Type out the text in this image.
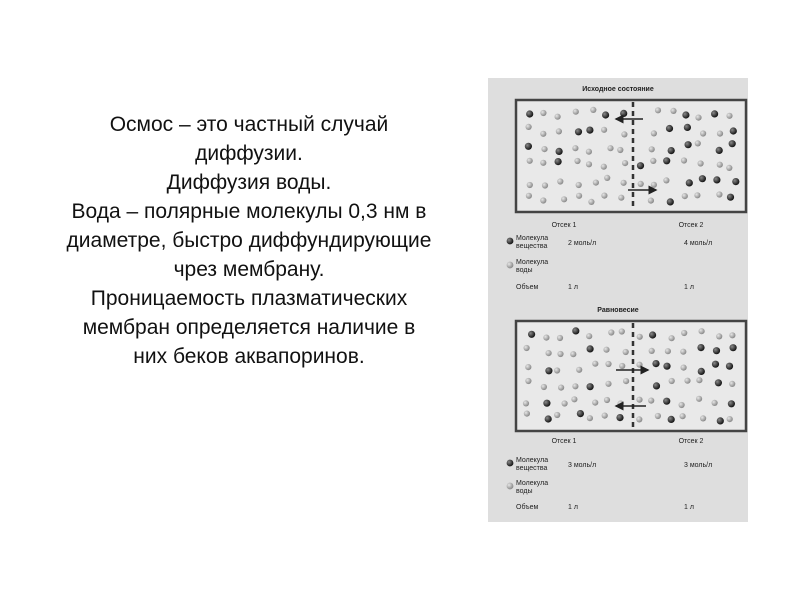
Осмос – это частный случай
диффузии.
Диффузия воды.
Вода – полярные молекулы 0,3 нм в
диаметре, быстро диффундирующие
чрез мембрану.
Проницаемость плазматических
мембран определяется наличие в
них беков аквапоринов.
Исходное состояние
Отсек 1	Отсек 2
Молекула
вещества	2 моль/л	4 моль/л
Молекула
воды
Объем	1 л	1 л
Равновесие
Отсек 1	Отсек 2
Молекула
вещества	3 моль/л	3 моль/л
Молекула
воды
Объем	1 л	1 л
